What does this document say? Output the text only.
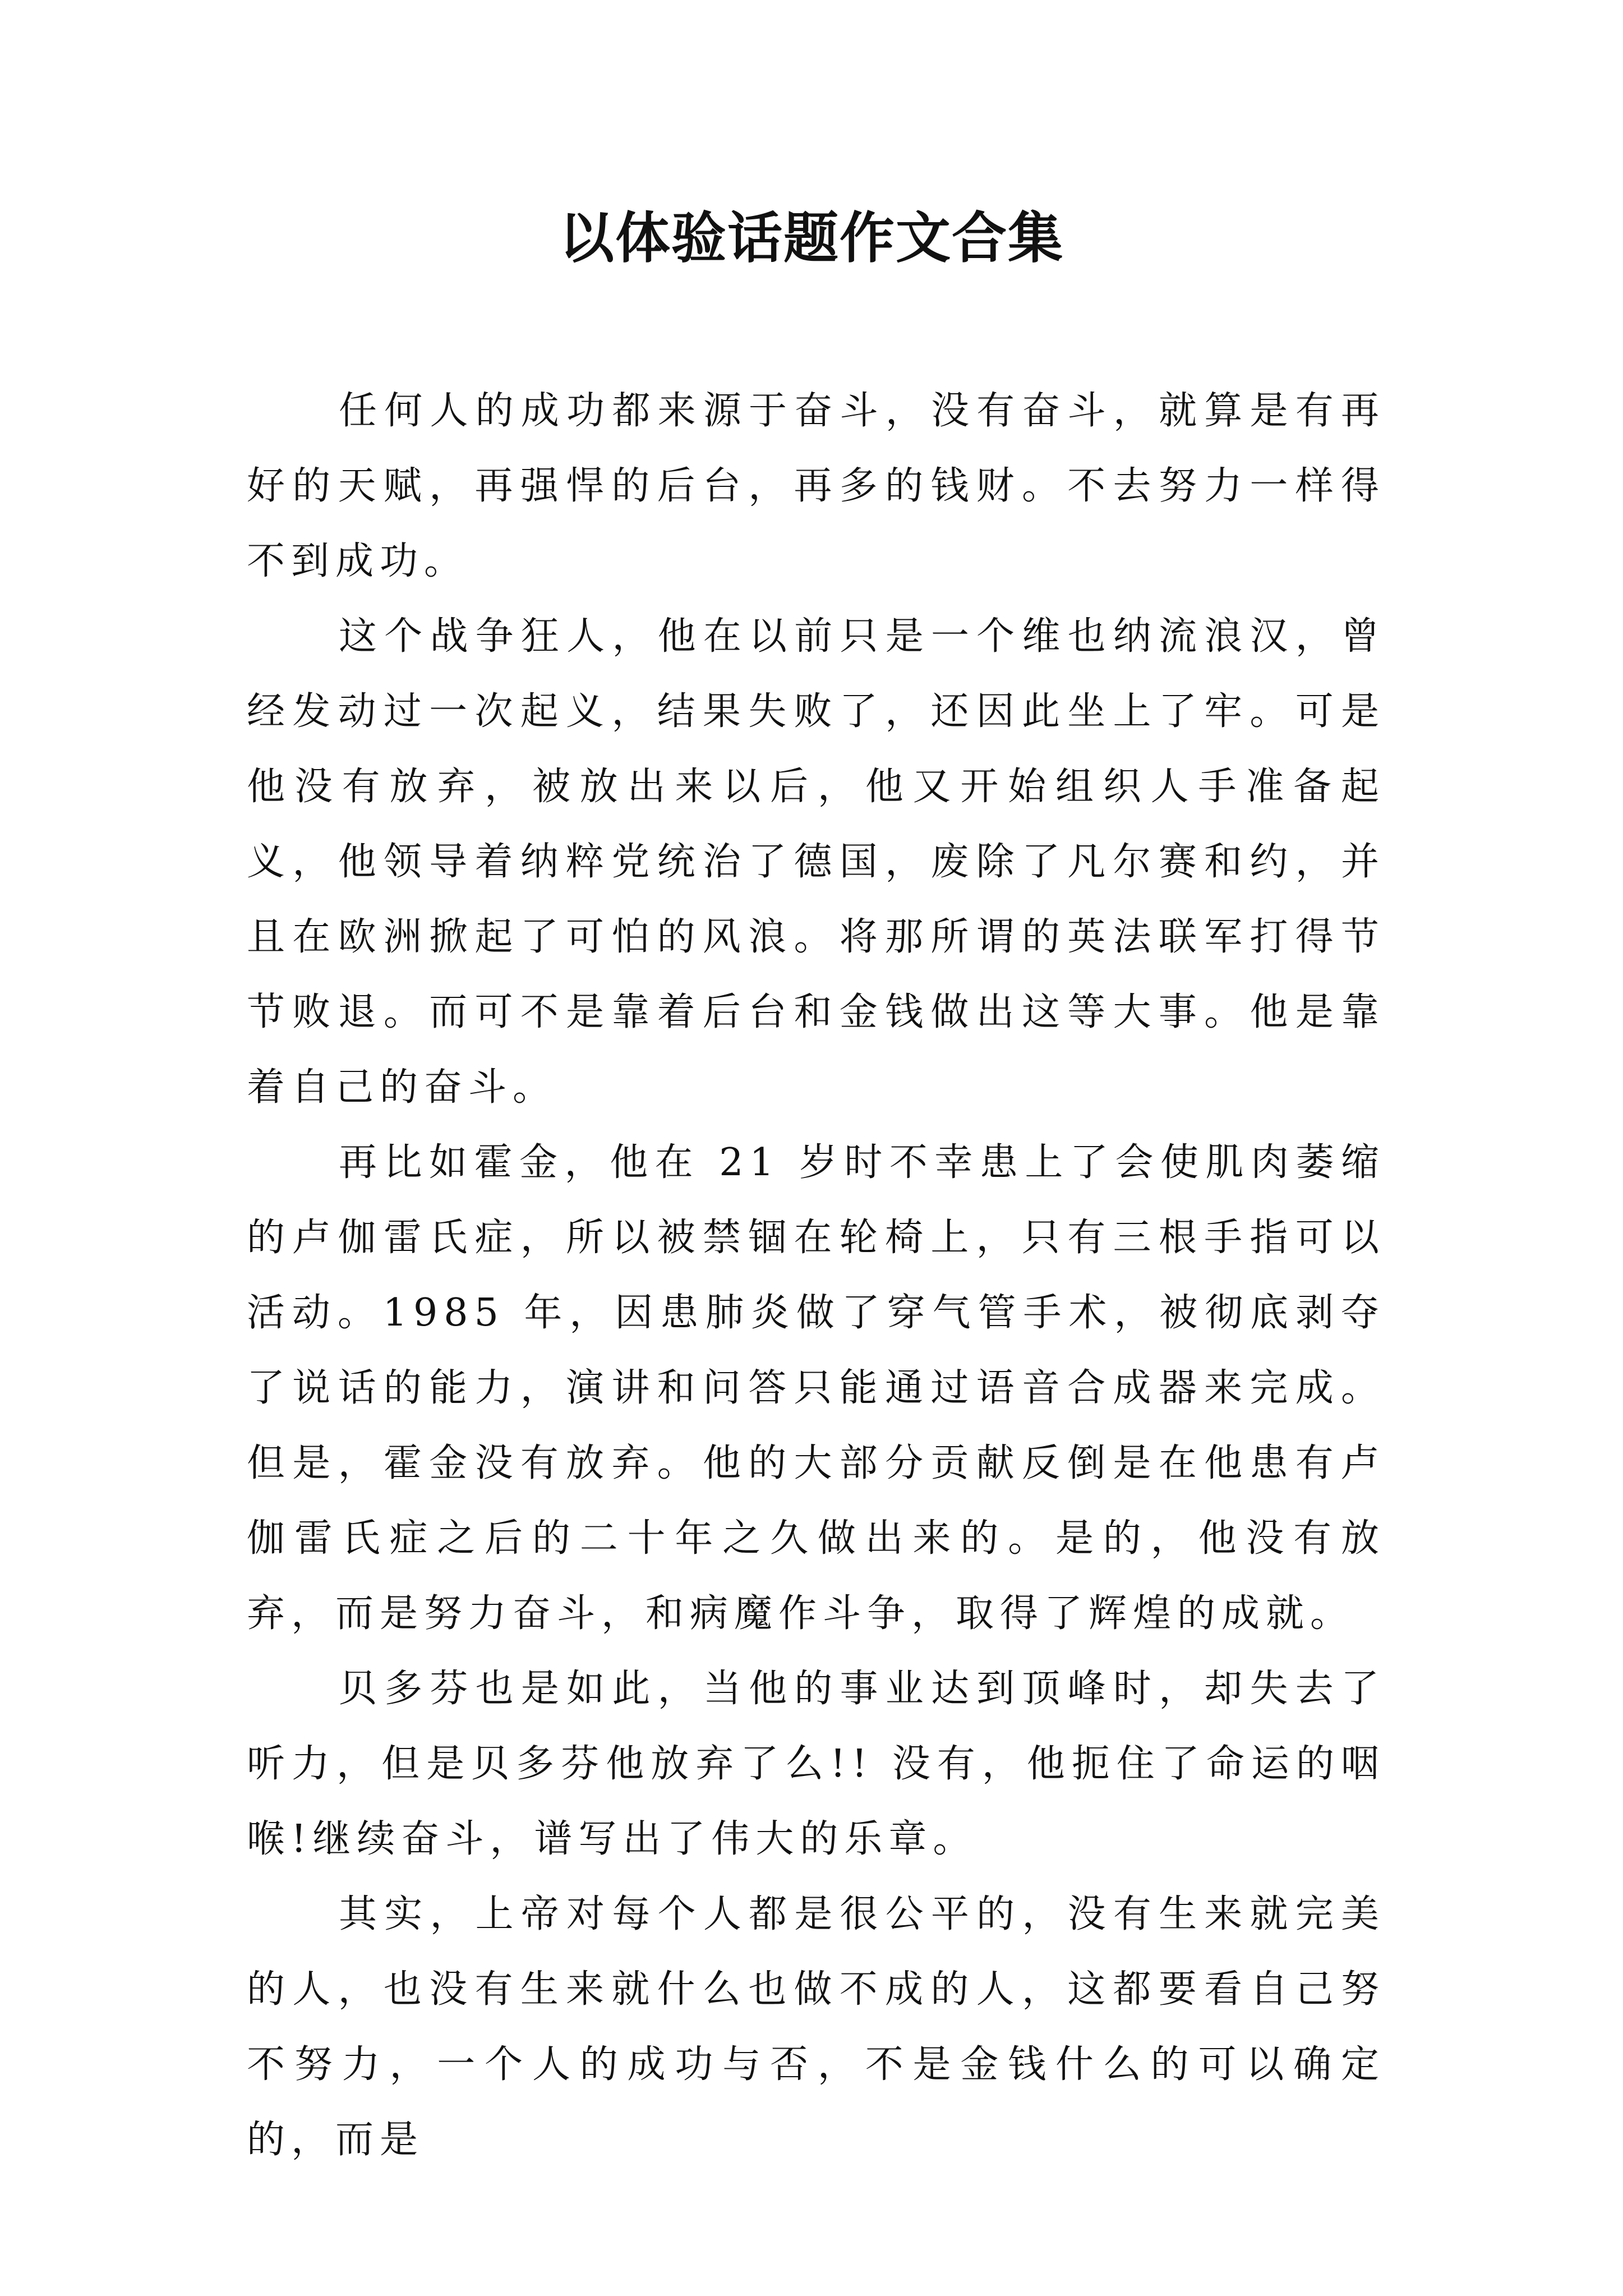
以体验话题作文合集

任何人的成功都来源于奋斗，没有奋斗，就算是有再好的天赋，再强悍的后台，再多的钱财。不去努力一样得不到成功。

这个战争狂人，他在以前只是一个维也纳流浪汉，曾经发动过一次起义，结果失败了，还因此坐上了牢。可是他没有放弃，被放出来以后，他又开始组织人手准备起义，他领导着纳粹党统治了德国，废除了凡尔赛和约，并且在欧洲掀起了可怕的风浪。将那所谓的英法联军打得节节败退。而可不是靠着后台和金钱做出这等大事。他是靠着自己的奋斗。

再比如霍金，他在 21 岁时不幸患上了会使肌肉萎缩的卢伽雷氏症，所以被禁锢在轮椅上，只有三根手指可以活动。1985 年，因患肺炎做了穿气管手术，被彻底剥夺了说话的能力，演讲和问答只能通过语音合成器来完成。但是，霍金没有放弃。他的大部分贡献反倒是在他患有卢伽雷氏症之后的二十年之久做出来的。是的，他没有放弃，而是努力奋斗，和病魔作斗争，取得了辉煌的成就。

贝多芬也是如此，当他的事业达到顶峰时，却失去了听力，但是贝多芬他放弃了么!! 没有，他扼住了命运的咽喉!继续奋斗，谱写出了伟大的乐章。

其实，上帝对每个人都是很公平的，没有生来就完美的人，也没有生来就什么也做不成的人，这都要看自己努不努力，一个人的成功与否，不是金钱什么的可以确定的，而是
